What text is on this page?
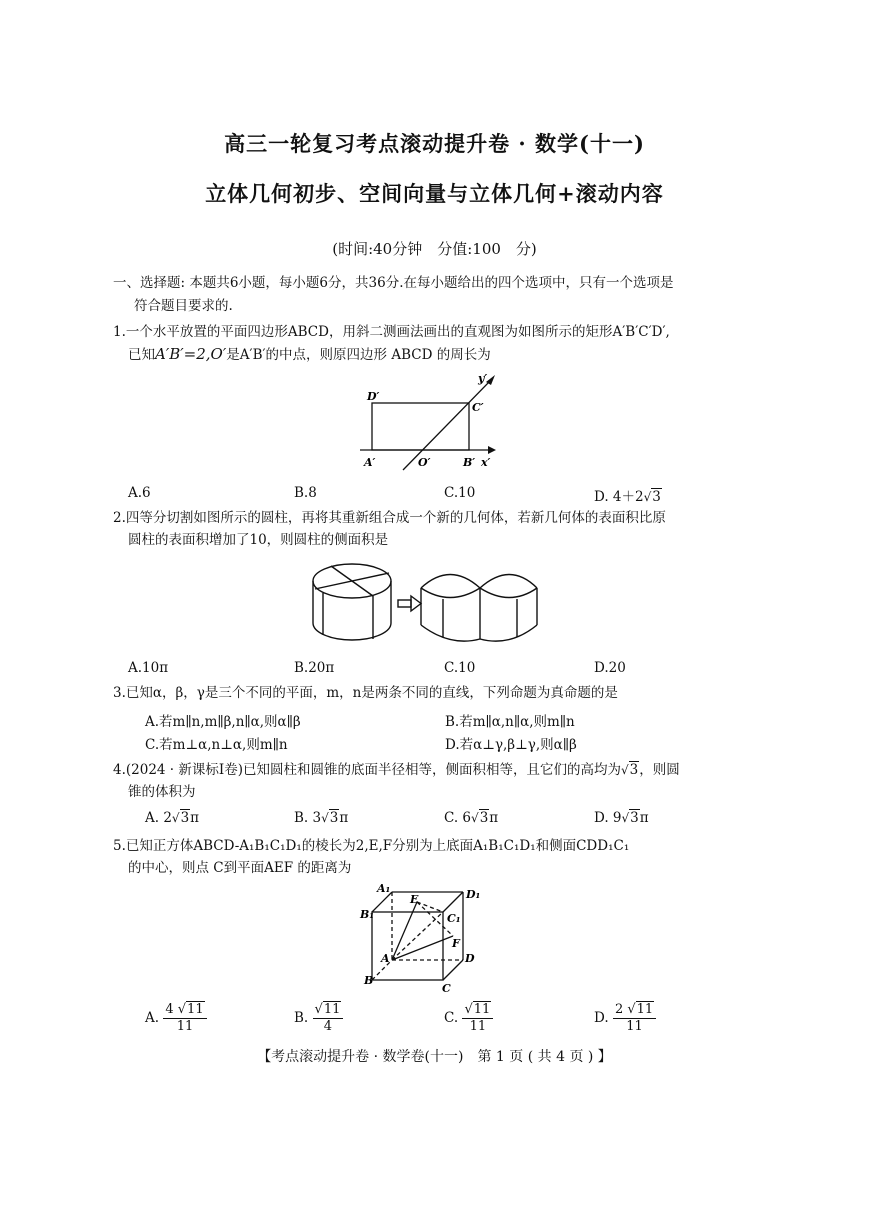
高三一轮复习考点滚动提升卷 · 数学(十一)
立体几何初步、空间向量与立体几何+滚动内容
(时间:40分钟　分值:100　分)
一、选择题: 本题共6小题，每小题6分，共36分.在每小题给出的四个选项中，只有一个选项是
符合题目要求的.
1.一个水平放置的平面四边形ABCD，用斜二测画法画出的直观图为如图所示的矩形A′B′C′D′,
已知A′B′=2,O′是A′B′的中点，则原四边形 ABCD 的周长为
D′
C′
A′	O′	B′ x′
y′
A.6	B.8	C.10	D. 4＋2√3
2.四等分切割如图所示的圆柱，再将其重新组合成一个新的几何体，若新几何体的表面积比原
圆柱的表面积增加了10，则圆柱的侧面积是
A.10π	B.20π	C.10	D.20
3.已知α，β，γ是三个不同的平面，m，n是两条不同的直线，下列命题为真命题的是
A.若m∥n,m∥β,n∥α,则α∥β	B.若m∥α,n∥α,则m∥n
C.若m⊥α,n⊥α,则m∥n	D.若α⊥γ,β⊥γ,则α∥β
4.(2024 · 新课标Ⅰ卷)已知圆柱和圆锥的底面半径相等，侧面积相等，且它们的高均为√3，则圆
锥的体积为
A. 2√3π	B. 3√3π	C. 6√3π	D. 9√3π
5.已知正方体ABCD-A₁B₁C₁D₁的棱长为2,E,F分别为上底面A₁B₁C₁D₁和侧面CDD₁C₁
的中心，则点 C到平面AEF 的距离为
A₁	D₁
B₁	C₁
E
F
A	D
B
C
A. $\frac{4 √11}{11}$	B. $\frac{√11}{4}$	C. $\frac{√11}{11}$	D. $\frac{2 √11}{11}$
【考点滚动提升卷 · 数学卷(十一)　第 1 页 ( 共 4 页 ) 】
